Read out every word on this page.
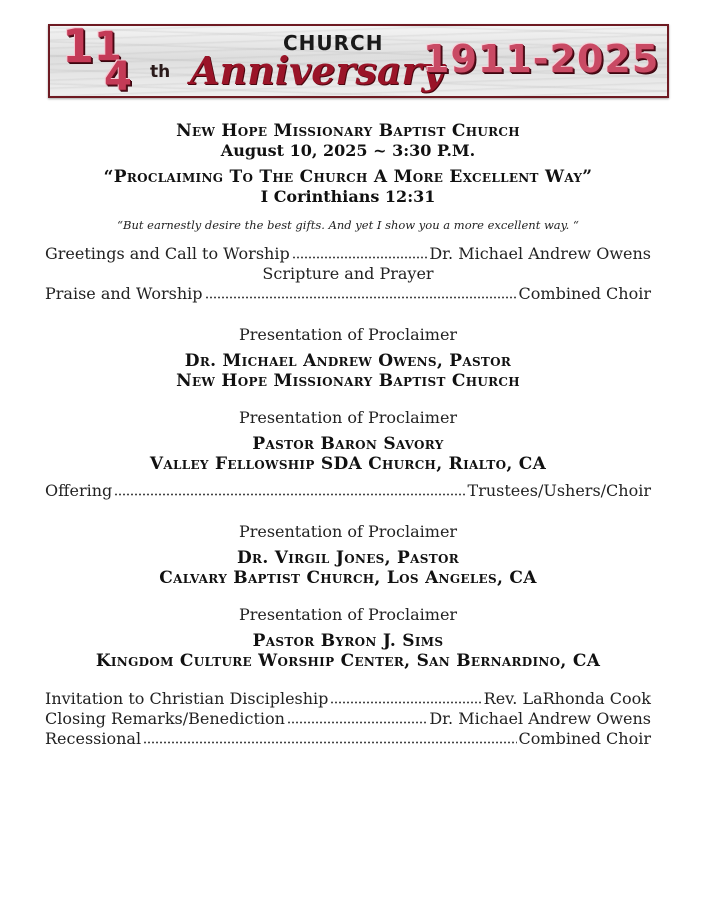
1 1
4 th
CHURCH
Anniversary
1911-2025
New Hope Missionary Baptist Church
August 10, 2025 ~ 3:30 P.M.
“Proclaiming To The Church A More Excellent Way”
I Corinthians 12:31
“But earnestly desire the best gifts. And yet I show you a more excellent way. “
Greetings and Call to Worship	Dr. Michael Andrew Owens
Scripture and Prayer
Praise and Worship	Combined Choir
Presentation of Proclaimer
Dr. Michael Andrew Owens, Pastor
New Hope Missionary Baptist Church
Presentation of Proclaimer
Pastor Baron Savory
Valley Fellowship SDA Church, Rialto, CA
Offering	Trustees/Ushers/Choir
Presentation of Proclaimer
Dr. Virgil Jones, Pastor
Calvary Baptist Church, Los Angeles, CA
Presentation of Proclaimer
Pastor Byron J. Sims
Kingdom Culture Worship Center, San Bernardino, CA
Invitation to Christian Discipleship	Rev. LaRhonda Cook
Closing Remarks/Benediction	Dr. Michael Andrew Owens
Recessional	Combined Choir
